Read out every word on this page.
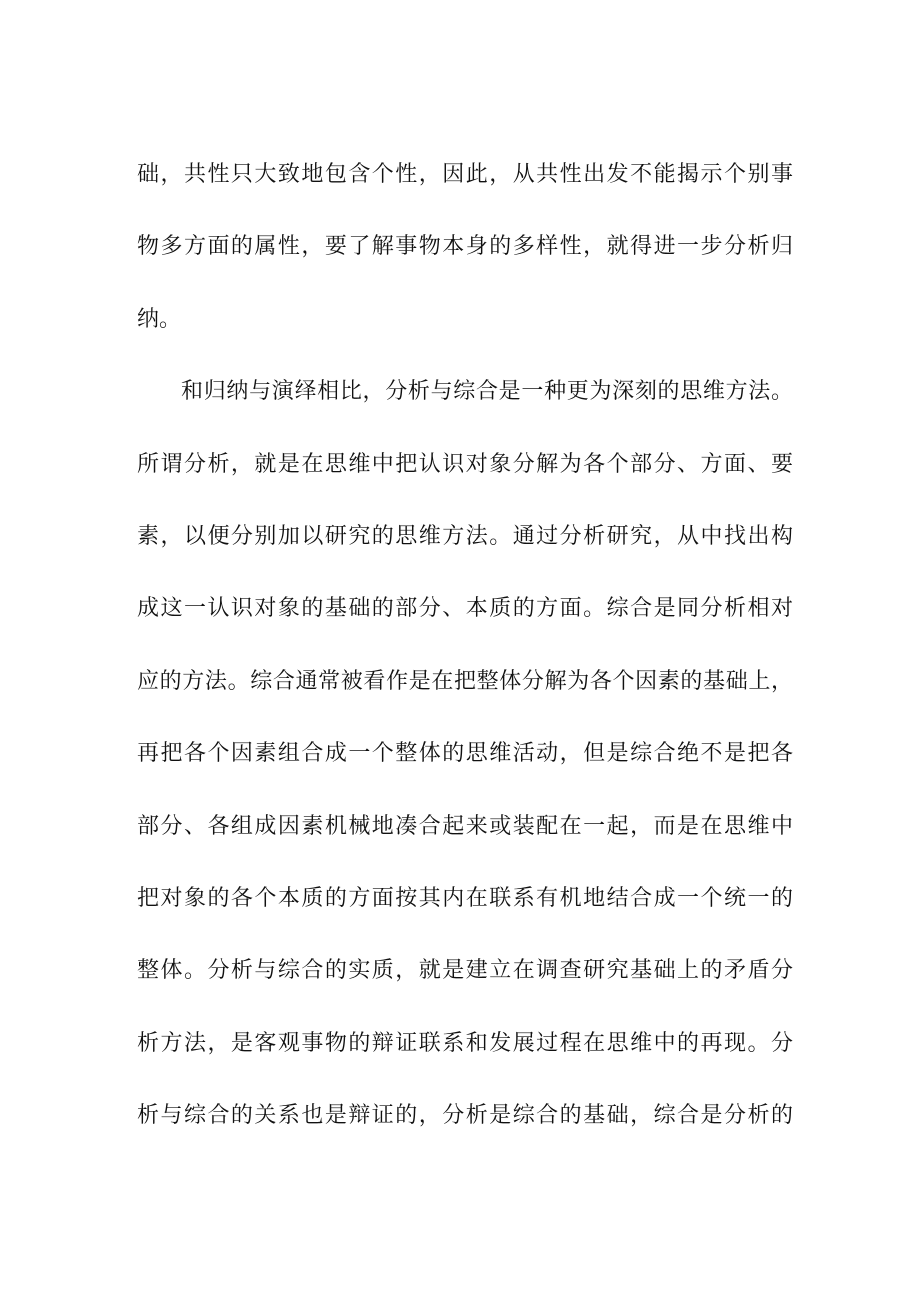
础，共性只大致地包含个性，因此，从共性出发不能揭示个别事
物多方面的属性，要了解事物本身的多样性，就得进一步分析归
纳。
和归纳与演绎相比，分析与综合是一种更为深刻的思维方法。
所谓分析，就是在思维中把认识对象分解为各个部分、方面、要
素，以便分别加以研究的思维方法。通过分析研究，从中找出构
成这一认识对象的基础的部分、本质的方面。综合是同分析相对
应的方法。综合通常被看作是在把整体分解为各个因素的基础上，
再把各个因素组合成一个整体的思维活动，但是综合绝不是把各
部分、各组成因素机械地凑合起来或装配在一起，而是在思维中
把对象的各个本质的方面按其内在联系有机地结合成一个统一的
整体。分析与综合的实质，就是建立在调查研究基础上的矛盾分
析方法，是客观事物的辩证联系和发展过程在思维中的再现。分
析与综合的关系也是辩证的，分析是综合的基础，综合是分析的
